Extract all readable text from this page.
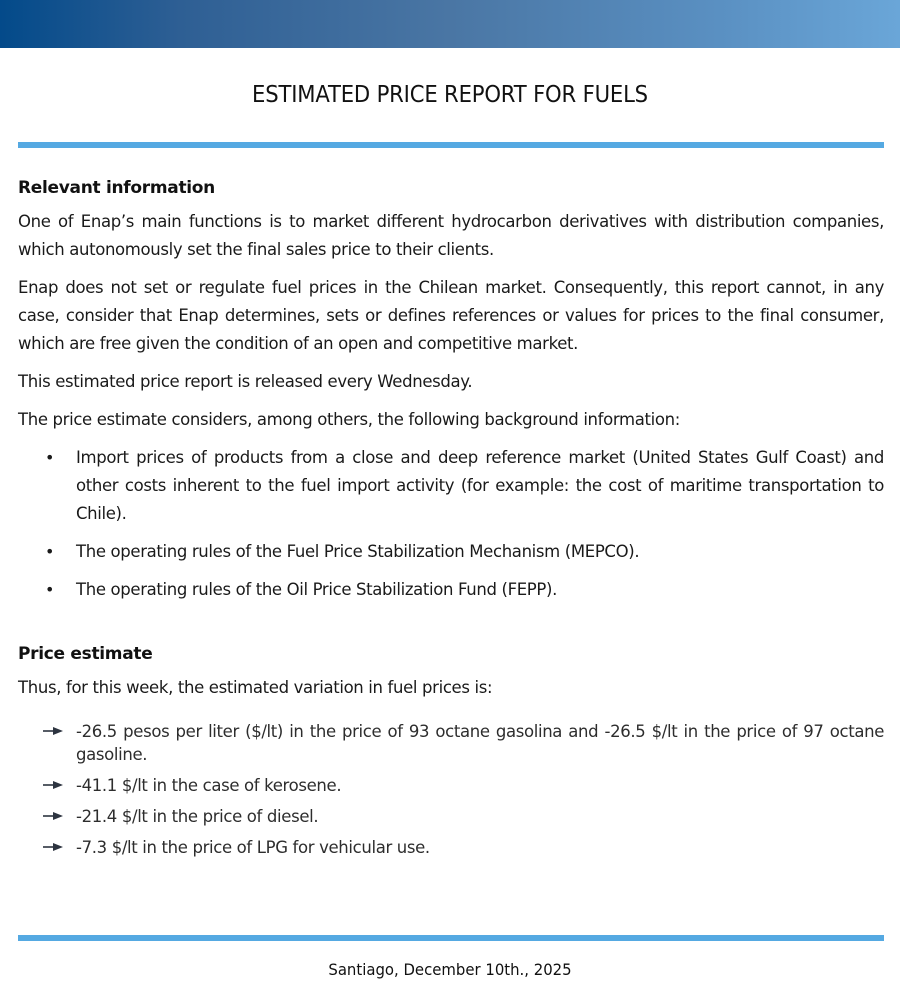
ESTIMATED PRICE REPORT FOR FUELS
Relevant information

One of Enap’s main functions is to market different hydrocarbon derivatives with distribution companies, which autonomously set the final sales price to their clients.

Enap does not set or regulate fuel prices in the Chilean market. Consequently, this report cannot, in any case, consider that Enap determines, sets or defines references or values for prices to the final consumer, which are free given the condition of an open and competitive market.

This estimated price report is released every Wednesday.

The price estimate considers, among others, the following background information:

• Import prices of products from a close and deep reference market (United States Gulf Coast) and other costs inherent to the fuel import activity (for example: the cost of maritime transportation to Chile).
• The operating rules of the Fuel Price Stabilization Mechanism (MEPCO).
• The operating rules of the Oil Price Stabilization Fund (FEPP).
Price estimate

Thus, for this week, the estimated variation in fuel prices is:

-26.5 pesos per liter ($/lt) in the price of 93 octane gasolina and -26.5 $/lt in the price of 97 octane gasoline.
-41.1 $/lt in the case of kerosene.
-21.4 $/lt in the price of diesel.
-7.3 $/lt in the price of LPG for vehicular use.
Santiago, December 10th., 2025
